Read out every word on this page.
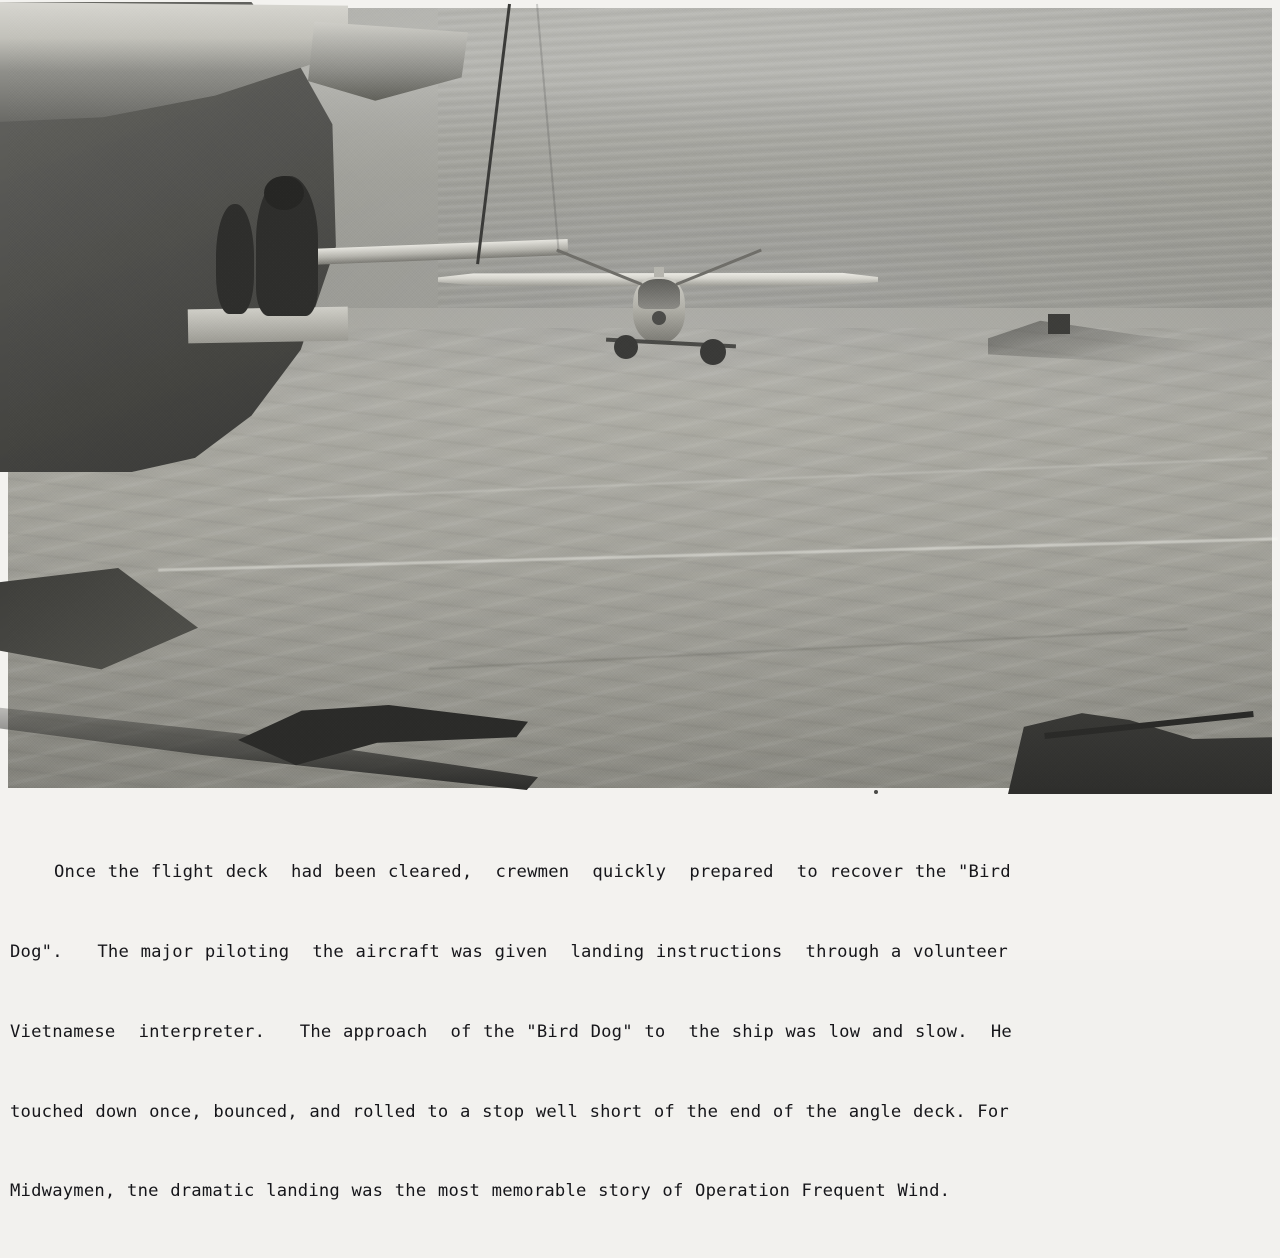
Once the flight deck  had been cleared,  crewmen  quickly  prepared  to recover the "Bird

Dog".   The major piloting  the aircraft was given  landing instructions  through a volunteer

Vietnamese  interpreter.   The approach  of the "Bird Dog" to  the ship was low and slow.  He

touched down once, bounced, and rolled to a stop well short of the end of the angle deck. For

Midwaymen, tne dramatic landing was the most memorable story of Operation Frequent Wind.
